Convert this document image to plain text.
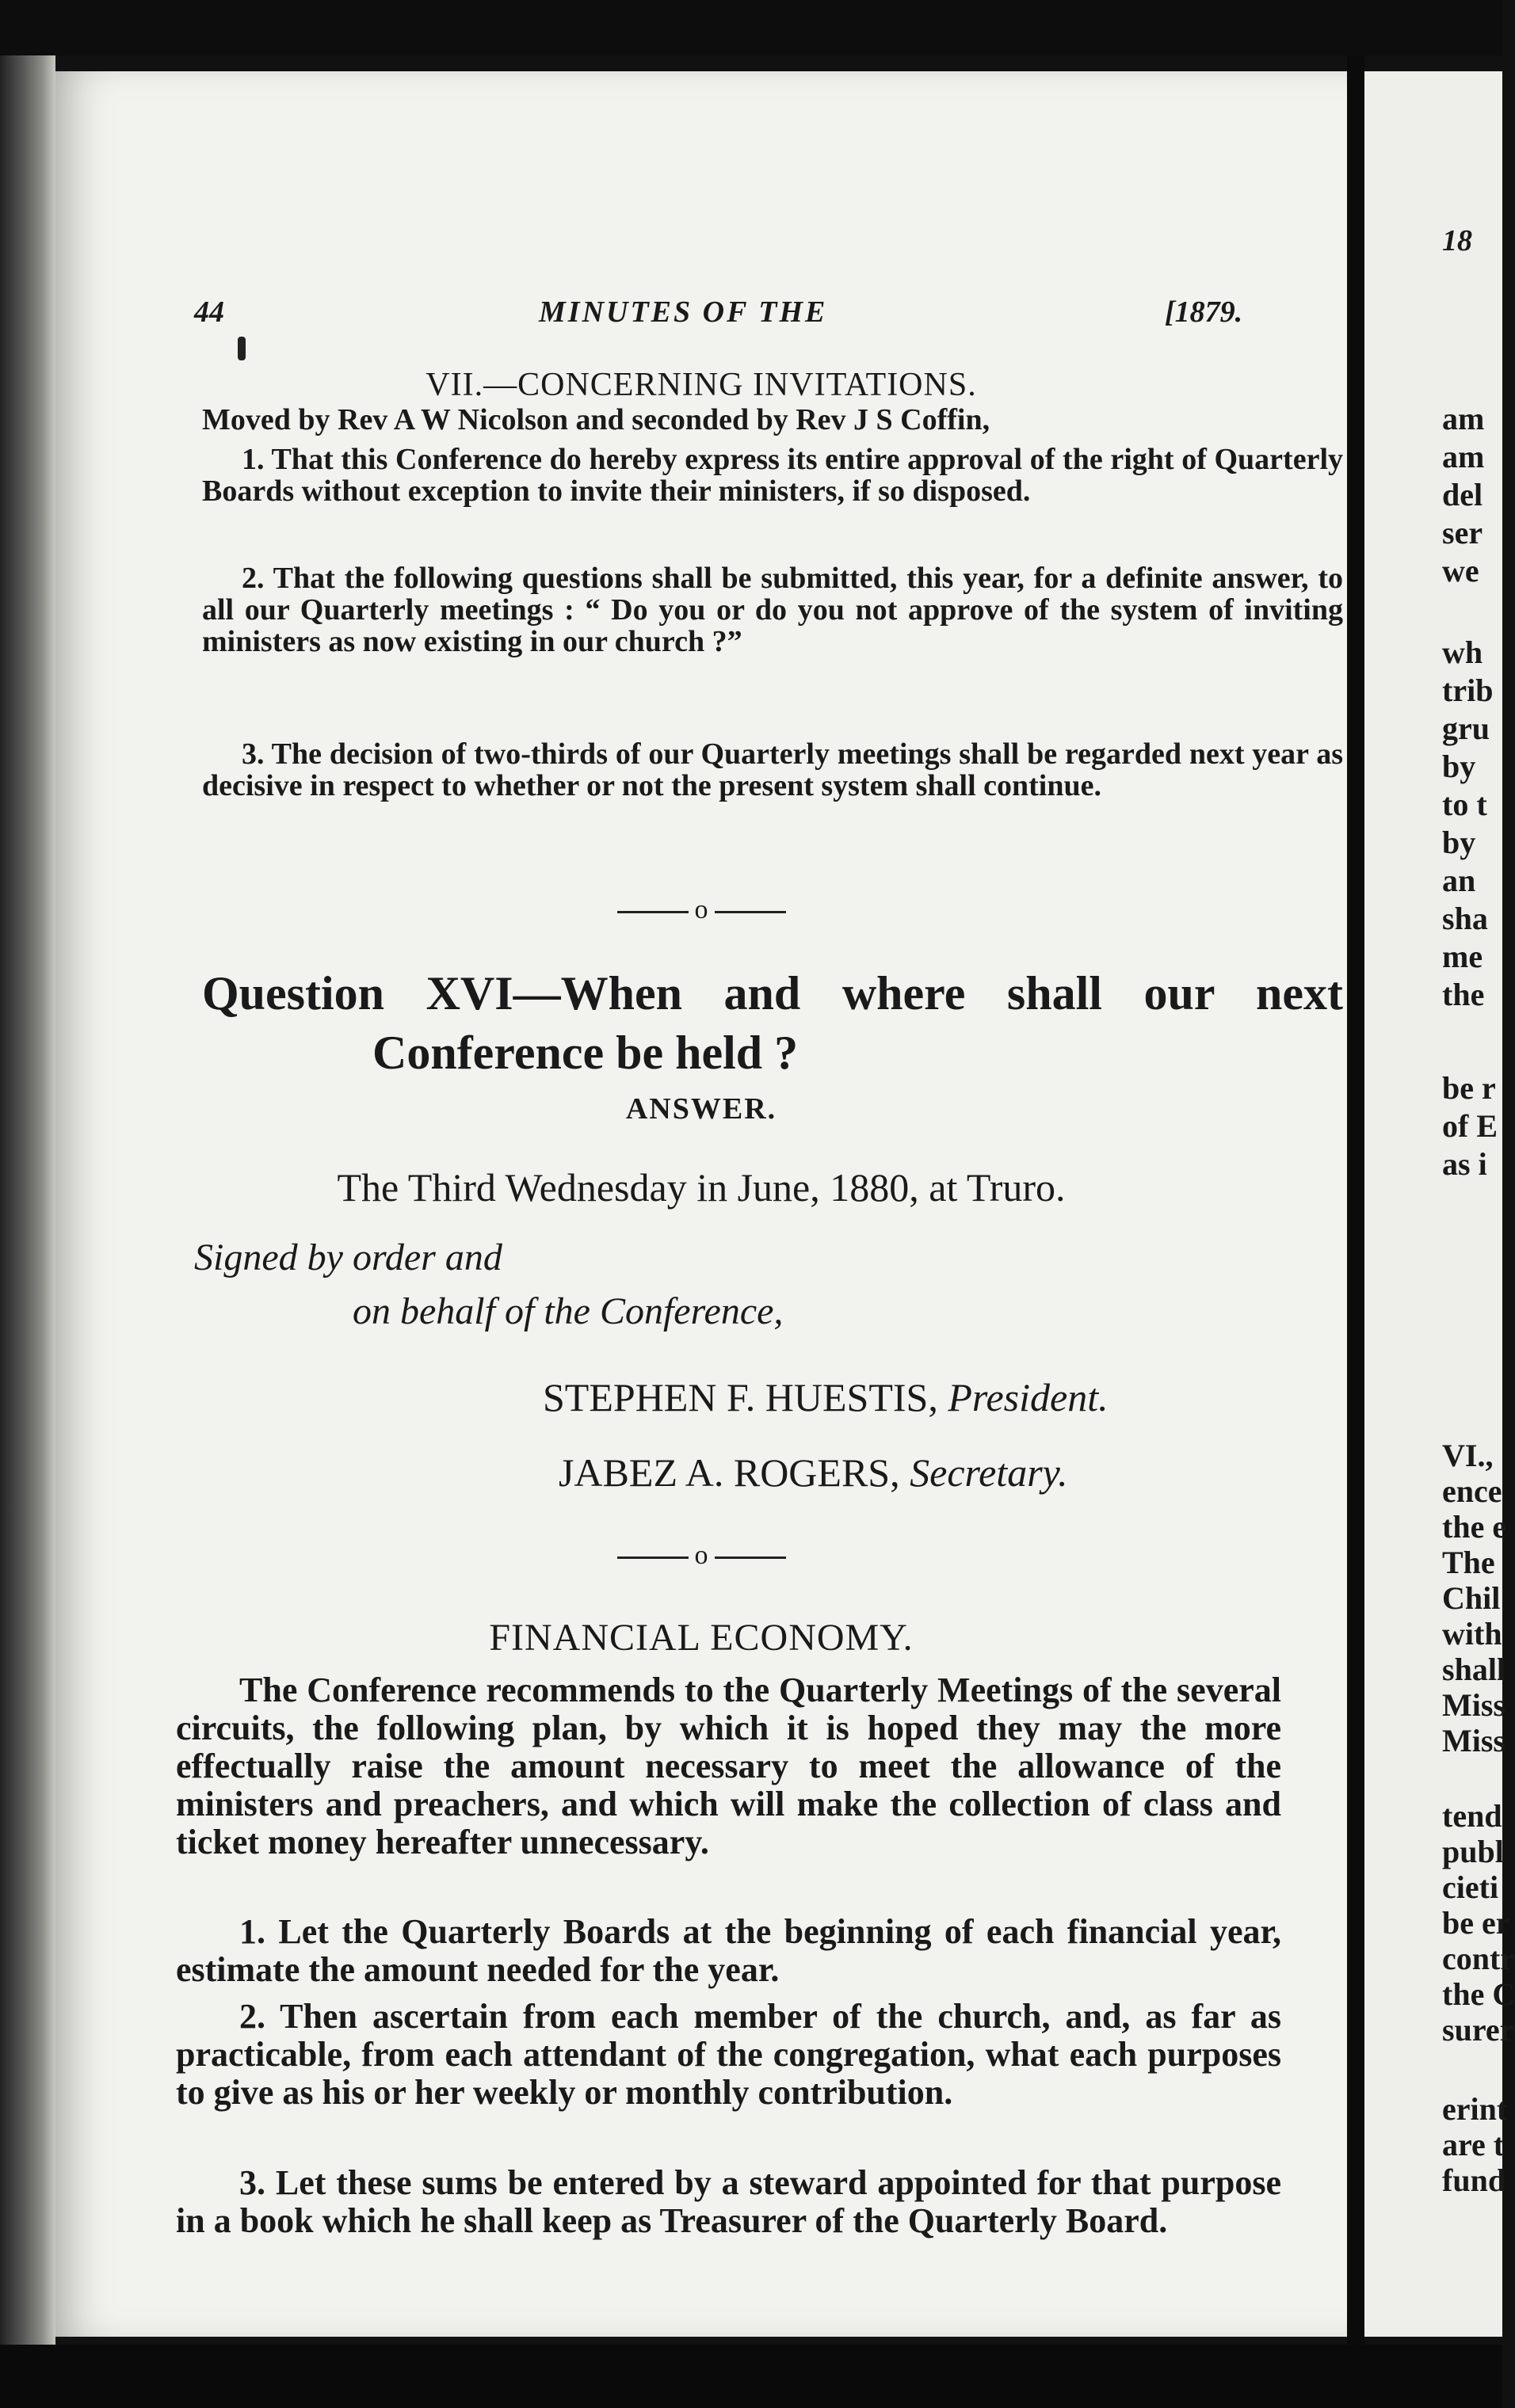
44	MINUTES OF THE	[1879.
VII.—CONCERNING INVITATIONS.
Moved by Rev A W Nicolson and seconded by Rev J S Coffin,

1. That this Conference do hereby express its entire approval of the right of Quarterly Boards without exception to invite their ministers, if so disposed.

2. That the following questions shall be submitted, this year, for a definite answer, to all our Quarterly meetings : “ Do you or do you not approve of the system of inviting ministers as now existing in our church ?”

3. The decision of two-thirds of our Quarterly meetings shall be regarded next year as decisive in respect to whether or not the present system shall continue.

o
Question XVI—When and where shall our next
Conference be held ?
ANSWER.
The Third Wednesday in June, 1880, at Truro.
Signed by order and
on behalf of the Conference,
STEPHEN F. HUESTIS, President.
JABEZ A. ROGERS, Secretary.
o
FINANCIAL ECONOMY.

The Conference recommends to the Quarterly Meetings of the several circuits, the following plan, by which it is hoped they may the more effectually raise the amount necessary to meet the allowance of the ministers and preachers, and which will make the collection of class and ticket money hereafter unnecessary.

1. Let the Quarterly Boards at the beginning of each financial year, estimate the amount needed for the year.

2. Then ascertain from each member of the church, and, as far as practicable, from each attendant of the congregation, what each purposes to give as his or her weekly or monthly contribution.

3. Let these sums be entered by a steward appointed for that purpose in a book which he shall keep as Treasurer of the Quarterly Board.

18
am
am
del
ser
we
wh
trib
gru
by
to t
by
an
sha
me
the
be r
of E
as i
VI.,
ence
the e
The
Chil
with
shall
Miss
Miss
tend
publ
cieti
be er
contr
the C
surer
erint
are t
fund
